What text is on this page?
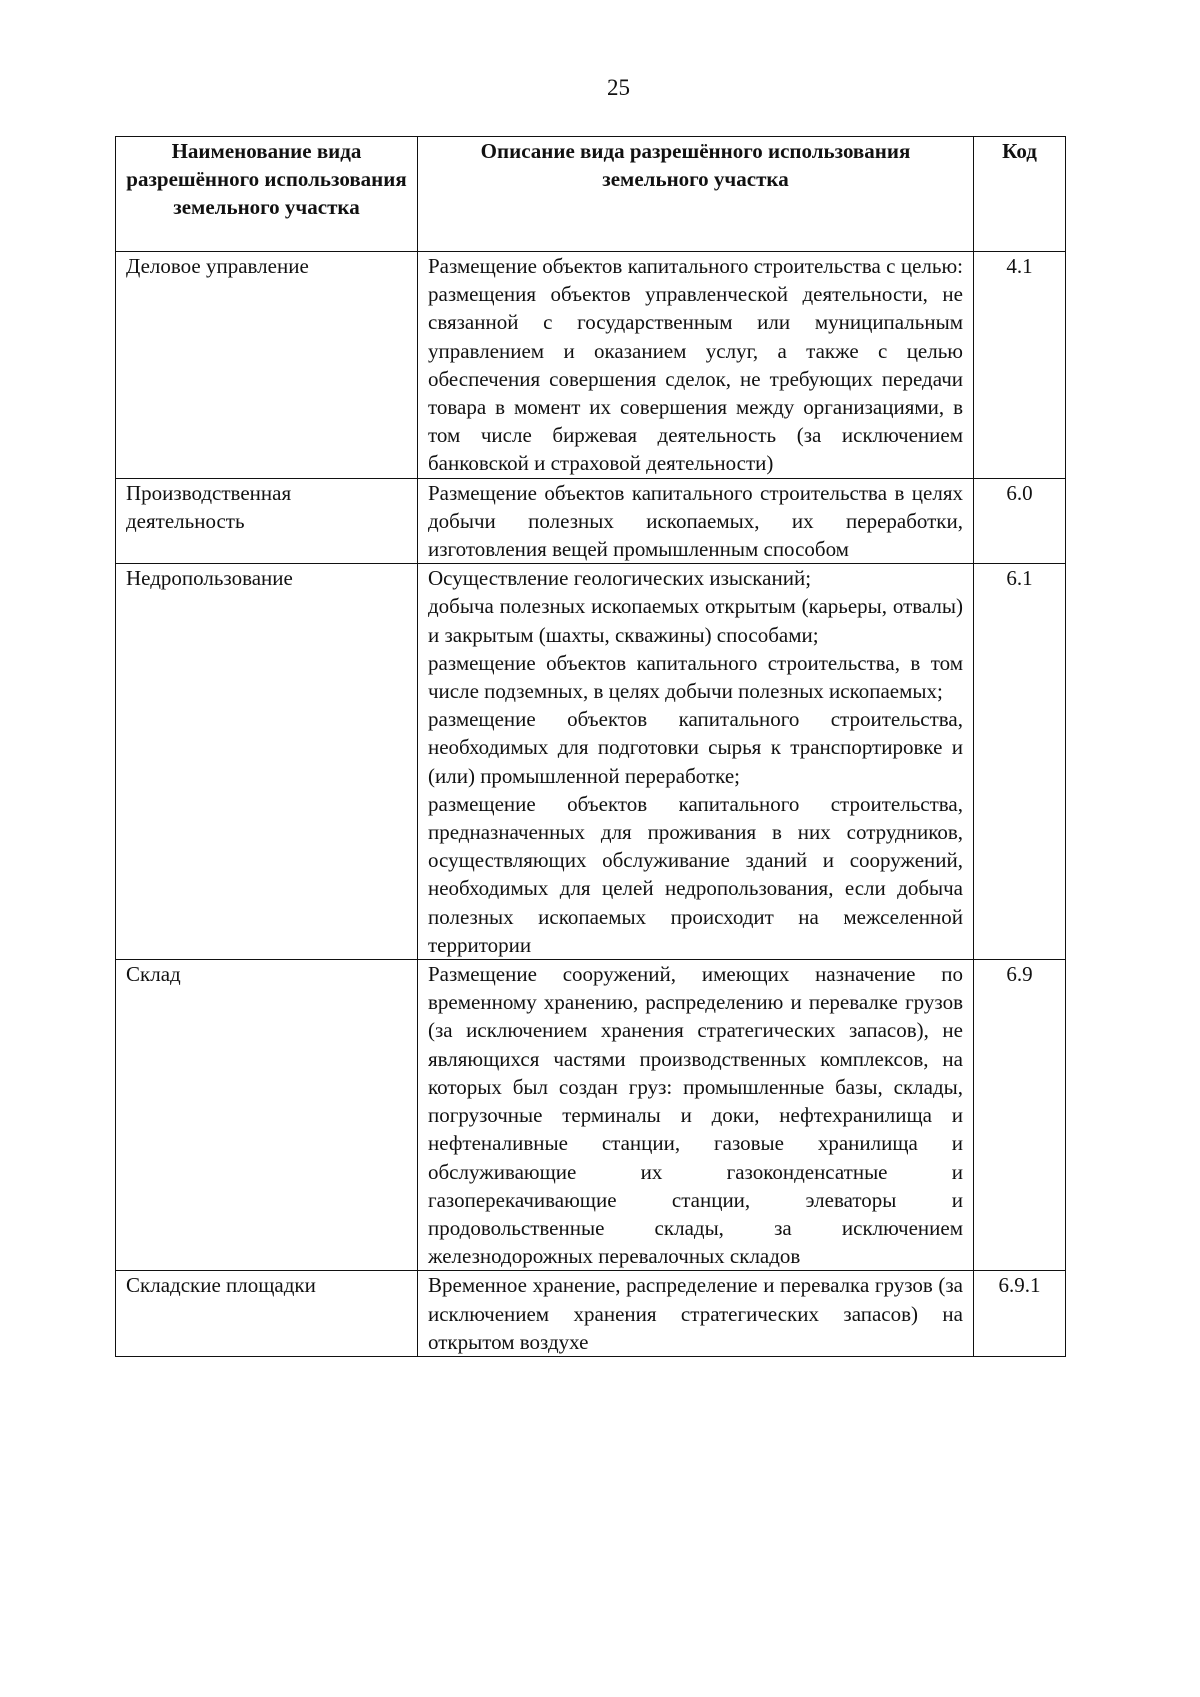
25
Наименование вида разрешённого использования земельного участка	Описание вида разрешённого использования земельного участка	Код
Деловое управление	Размещение объектов капитального строительства с целью: размещения объектов управленческой деятельности, не связанной с государственным или муниципальным управлением и оказанием услуг, а также с целью обеспечения совершения сделок, не требующих передачи товара в момент их совершения между организациями, в том числе биржевая деятельность (за исключением банковской и страховой деятельности)	4.1
Производственная деятельность	Размещение объектов капитального строительства в целях добычи полезных ископаемых, их переработки, изготовления вещей промышленным способом	6.0
Недропользование	Осуществление геологических изысканий;
добыча полезных ископаемых открытым (карьеры, отвалы) и закрытым (шахты, скважины) способами;
размещение объектов капитального строительства, в том числе подземных, в целях добычи полезных ископаемых;
размещение объектов капитального строительства, необходимых для подготовки сырья к транспортировке и (или) промышленной переработке;
размещение объектов капитального строительства, предназначенных для проживания в них сотрудников, осуществляющих обслуживание зданий и сооружений, необходимых для целей недропользования, если добыча полезных ископаемых происходит на межселенной территории	6.1
Склад	Размещение сооружений, имеющих назначение по временному хранению, распределению и перевалке грузов (за исключением хранения стратегических запасов), не являющихся частями производственных комплексов, на которых был создан груз: промышленные базы, склады, погрузочные терминалы и доки, нефтехранилища и нефтеналивные станции, газовые хранилища и обслуживающие их газоконденсатные и газоперекачивающие станции, элеваторы и продовольственные склады, за исключением железнодорожных перевалочных складов	6.9
Складские площадки	Временное хранение, распределение и перевалка грузов (за исключением хранения стратегических запасов) на открытом воздухе	6.9.1
